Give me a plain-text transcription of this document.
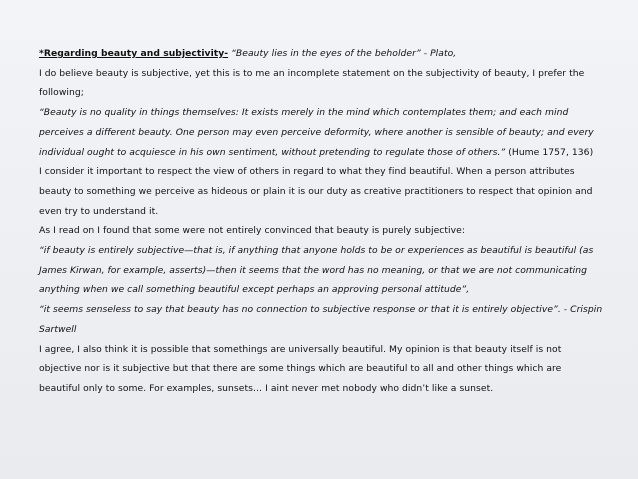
*Regarding beauty and subjectivity- “Beauty lies in the eyes of the beholder” - Plato,

I do believe beauty is subjective, yet this is to me an incomplete statement on the subjectivity of beauty, I prefer the following;

“Beauty is no quality in things themselves: It exists merely in the mind which contemplates them; and each mind perceives a different beauty. One person may even perceive deformity, where another is sensible of beauty; and every individual ought to acquiesce in his own sentiment, without pretending to regulate those of others.” (Hume 1757, 136)

I consider it important to respect the view of others in regard to what they find beautiful. When a person attributes beauty to something we perceive as hideous or plain it is our duty as creative practitioners to respect that opinion and even try to understand it.

As I read on I found that some were not entirely convinced that beauty is purely subjective:

“if beauty is entirely subjective—that is, if anything that anyone holds to be or experiences as beautiful is beautiful (as James Kirwan, for example, asserts)—then it seems that the word has no meaning, or that we are not communicating anything when we call something beautiful except perhaps an approving personal attitude”,

“it seems senseless to say that beauty has no connection to subjective response or that it is entirely objective”. - Crispin Sartwell

I agree, I also think it is possible that somethings are universally beautiful. My opinion is that beauty itself is not objective nor is it subjective but that there are some things which are beautiful to all and other things which are beautiful only to some. For examples, sunsets… I aint never met nobody who didn’t like a sunset.
